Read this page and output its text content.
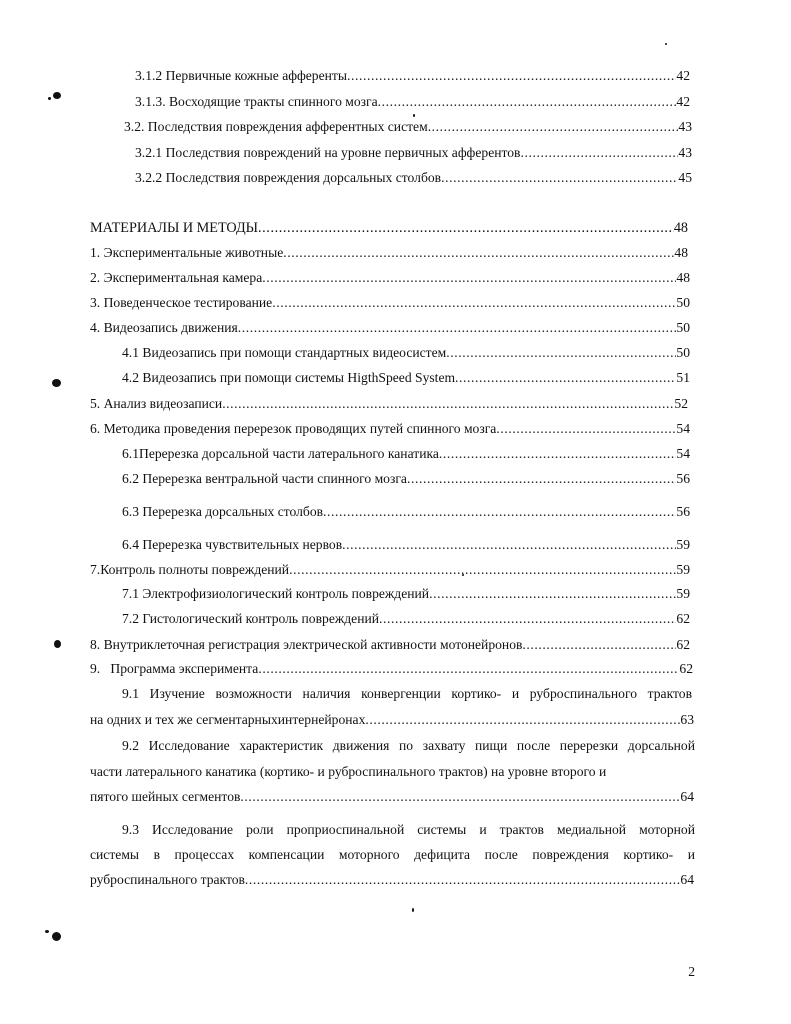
3.1.2 Первичные кожные афференты .....	42
3.1.3. Восходящие тракты спинного мозга .....	42
3.2. Последствия повреждения афферентных систем .....	43
3.2.1 Последствия повреждений на уровне первичных афферентов .....	43
3.2.2 Последствия повреждения дорсальных столбов .....	45
МАТЕРИАЛЫ И МЕТОДЫ .....	48
1. Экспериментальные животные .....	48
2. Экспериментальная камера .....	48
3. Поведенческое тестирование .....	50
4. Видеозапись движения .....	50
4.1 Видеозапись при помощи стандартных видеосистем .....	50
4.2 Видеозапись при помощи системы HigthSpeed System .....	51
5. Анализ видеозаписи .....	52
6. Методика проведения перерезок проводящих путей спинного мозга .....	54
6.1 Перерезка дорсальной части латерального канатика .....	54
6.2 Перерезка вентральной части спинного мозга .....	56
6.3 Перерезка дорсальных столбов .....	56
6.4 Перерезка чувствительных нервов .....	59
7.Контроль полноты повреждений .....	59
7.1 Электрофизиологический контроль повреждений .....	59
7.2 Гистологический контроль повреждений .....	62
8. Внутриклеточная регистрация электрической активности мотонейронов .....	62
9.   Программа эксперимента .....	62
9.1 Изучение возможности наличия конвергенции кортико- и руброспинального трактов
на одних и тех же сегментарныхинтернейронах .....	63
9.2 Исследование характеристик движения по захвату пищи после перерезки дорсальной
части латерального канатика (кортико- и руброспинального трактов) на уровне второго и
пятого шейных сегментов .....	64
9.3 Исследование роли проприоспинальной системы и трактов медиальной моторной
системы в процессах компенсации моторного дефицита после повреждения кортико- и
руброспинального трактов .....	64
2
